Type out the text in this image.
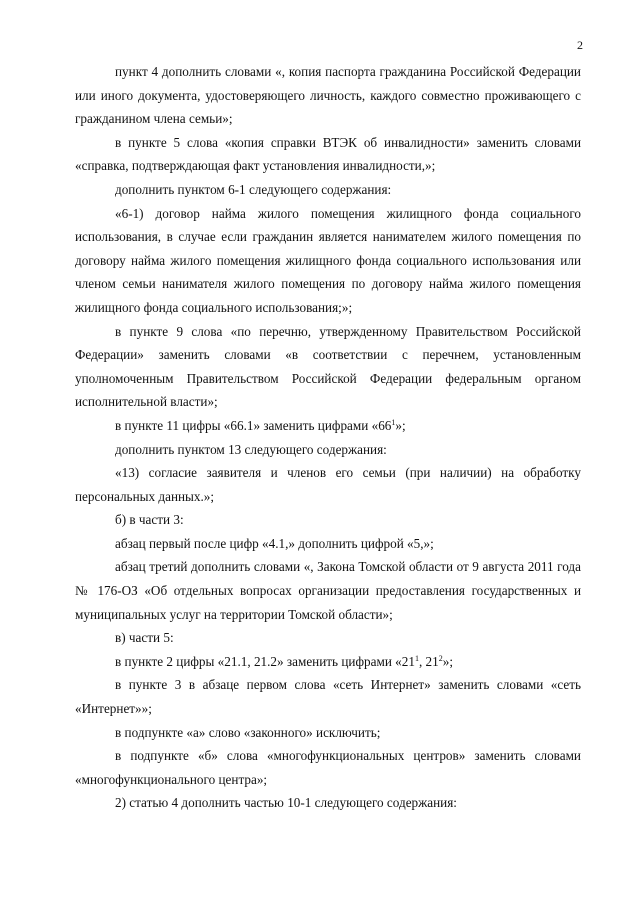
2

пункт 4 дополнить словами «, копия паспорта гражданина Российской Федерации или иного документа, удостоверяющего личность, каждого совместно проживающего с гражданином члена семьи»;

в пункте 5 слова «копия справки ВТЭК об инвалидности» заменить словами «справка, подтверждающая факт установления инвалидности,»;

дополнить пунктом 6-1 следующего содержания:

«6-1) договор найма жилого помещения жилищного фонда социального использования, в случае если гражданин является нанимателем жилого помещения по договору найма жилого помещения жилищного фонда социального использования или членом семьи нанимателя жилого помещения по договору найма жилого помещения жилищного фонда социального использования;»;

в пункте 9 слова «по перечню, утвержденному Правительством Российской Федерации» заменить словами «в соответствии с перечнем, установленным уполномоченным Правительством Российской Федерации федеральным органом исполнительной власти»;

в пункте 11 цифры «66.1» заменить цифрами «$66^1$»;

дополнить пунктом 13 следующего содержания:

«13) согласие заявителя и членов его семьи (при наличии) на обработку персональных данных.»;

б) в части 3:

абзац первый после цифр «4.1,» дополнить цифрой «5,»;

абзац третий дополнить словами «, Закона Томской области от 9 августа 2011 года № 176-ОЗ «Об отдельных вопросах организации предоставления государственных и муниципальных услуг на территории Томской области»;

в) части 5:

в пункте 2 цифры «21.1, 21.2» заменить цифрами «$21^1$, $21^2$»;

в пункте 3 в абзаце первом слова «сеть Интернет» заменить словами «сеть «Интернет»»;

в подпункте «а» слово «законного» исключить;

в подпункте «б» слова «многофункциональных центров» заменить словами «многофункционального центра»;

2) статью 4 дополнить частью 10-1 следующего содержания:
